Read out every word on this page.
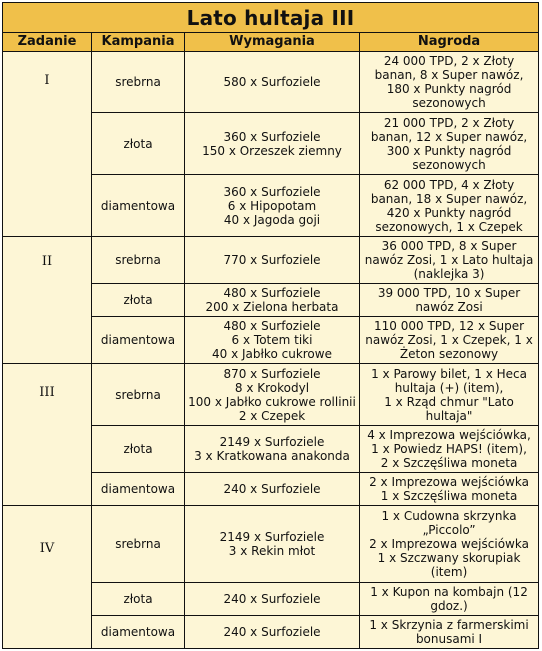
Lato hultaja III			
Zadanie	Kampania	Wymagania	Nagroda
I	srebrna	580 x Surfoziele	24 000 TPD, 2 x Złoty
banan, 8 x Super nawóz,
180 x Punkty nagród
sezonowych

	złota	360 x Surfoziele
150 x Orzeszek ziemny	21 000 TPD, 2 x Złoty
banan, 12 x Super nawóz,
300 x Punkty nagród
sezonowych

	diamentowa	360 x Surfoziele
6 x Hipopotam
40 x Jagoda goji	62 000 TPD, 4 x Złoty
banan, 18 x Super nawóz,
420 x Punkty nagród
sezonowych, 1 x Czepek

II	srebrna	770 x Surfoziele	36 000 TPD, 8 x Super
nawóz Zosi, 1 x Lato hultaja
(naklejka 3)

	złota	480 x Surfoziele
200 x Zielona herbata	39 000 TPD, 10 x Super
nawóz Zosi

	diamentowa	480 x Surfoziele
6 x Totem tiki
40 x Jabłko cukrowe	110 000 TPD, 12 x Super
nawóz Zosi, 1 x Czepek, 1 x
Żeton sezonowy

III	srebrna	870 x Surfoziele
8 x Krokodyl
100 x Jabłko cukrowe rollinii
2 x Czepek	1 x Parowy bilet, 1 x Heca
hultaja (+) (item),
1 x Rząd chmur "Lato
hultaja"

	złota	2149 x Surfoziele
3 x Kratkowana anakonda	4 x Imprezowa wejściówka,
1 x Powiedz HAPS! (item),
2 x Szczęśliwa moneta

	diamentowa	240 x Surfoziele	2 x Imprezowa wejściówka
1 x Szczęśliwa moneta

IV	srebrna	2149 x Surfoziele
3 x Rekin młot	1 x Cudowna skrzynka
„Piccolo”
2 x Imprezowa wejściówka
1 x Szczwany skorupiak
(item)

	złota	240 x Surfoziele	1 x Kupon na kombajn (12
gdoz.)

	diamentowa	240 x Surfoziele	1 x Skrzynia z farmerskimi
bonusami I
